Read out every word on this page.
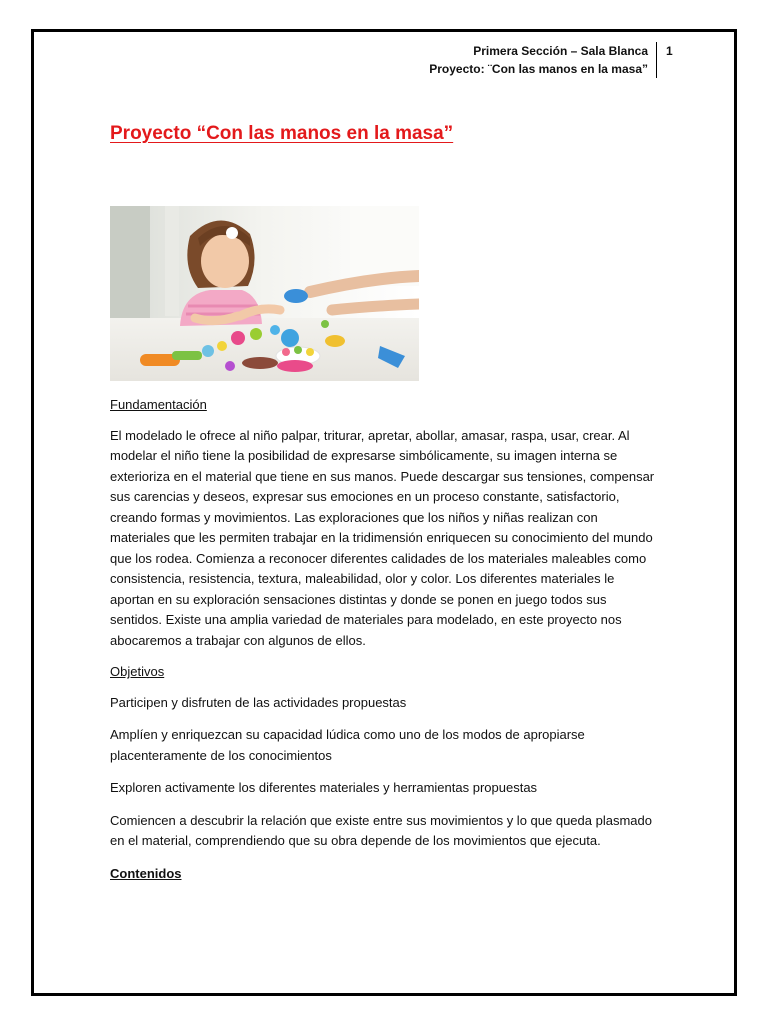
Primera Sección – Sala Blanca
Proyecto: ¨Con las manos en la masa”
1
Proyecto “Con las manos en la masa”

Fundamentación

El modelado le ofrece al niño palpar, triturar, apretar, abollar, amasar, raspa, usar, crear. Al modelar el niño tiene la posibilidad de expresarse simbólicamente, su imagen interna se exterioriza en el material que tiene en sus manos. Puede descargar sus tensiones, compensar sus carencias y deseos, expresar sus emociones en un proceso constante, satisfactorio, creando formas y movimientos. Las exploraciones que los niños y niñas realizan con materiales que les permiten trabajar en la tridimensión enriquecen su conocimiento del mundo que los rodea. Comienza a reconocer diferentes calidades de los materiales maleables como consistencia, resistencia, textura, maleabilidad, olor y color. Los diferentes materiales le aportan en su exploración sensaciones distintas y donde se ponen en juego todos sus sentidos. Existe una amplia variedad de materiales para modelado, en este proyecto nos abocaremos a trabajar con algunos de ellos.

Objetivos

Participen y disfruten de las actividades propuestas

Amplíen y enriquezcan su capacidad lúdica como uno de los modos de apropiarse placenteramente de los conocimientos

Exploren activamente los diferentes materiales y herramientas propuestas

Comiencen a descubrir la relación que existe entre sus movimientos y lo que queda plasmado en el material, comprendiendo que su obra depende de los movimientos que ejecuta.

Contenidos
